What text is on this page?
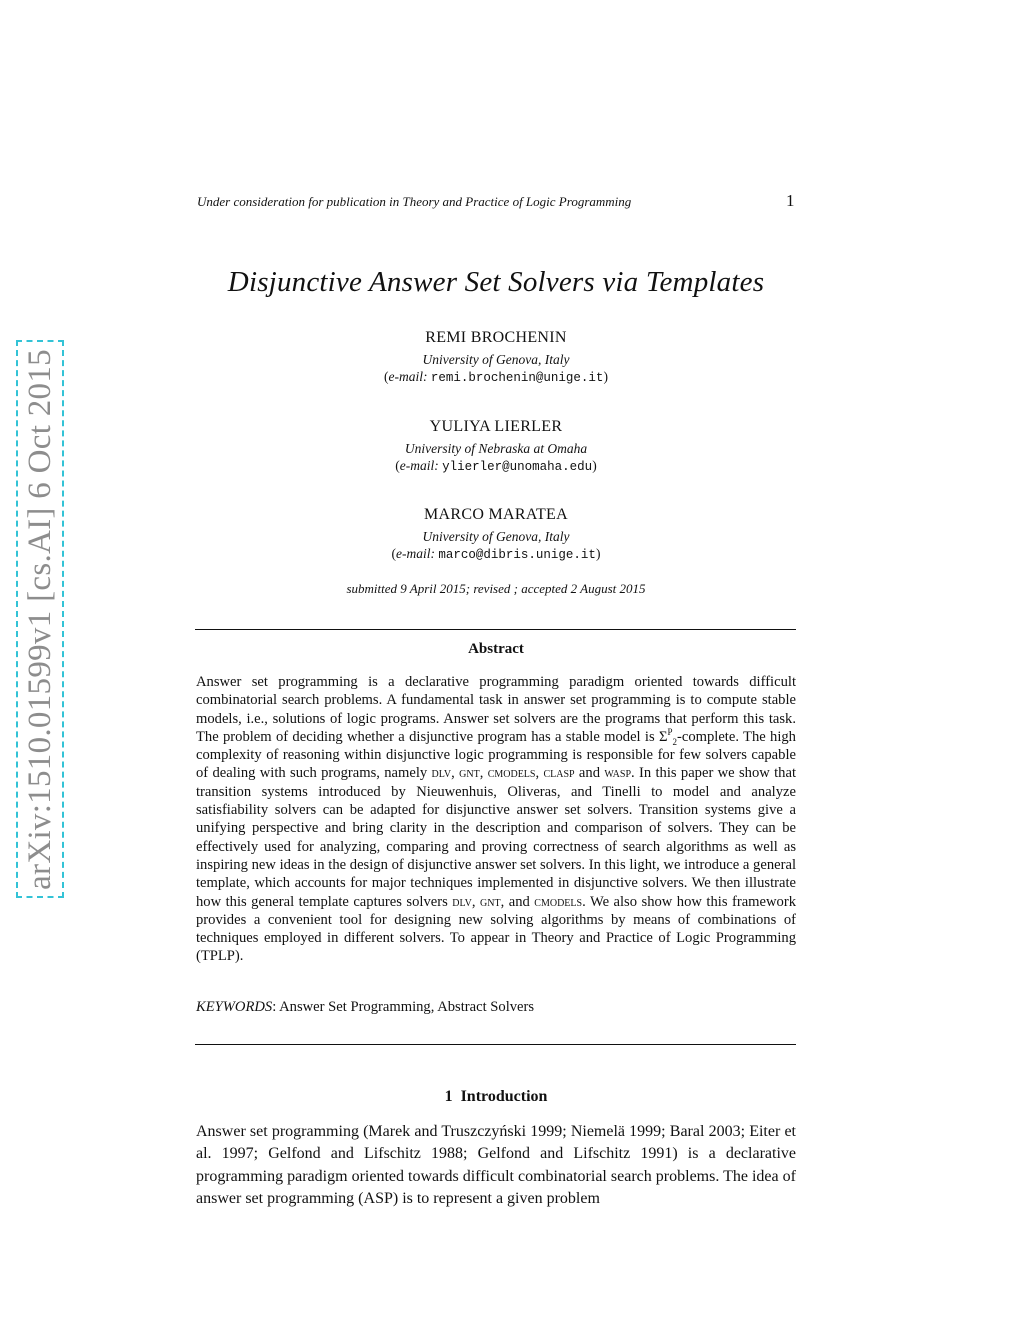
arXiv:1510.01599v1 [cs.AI] 6 Oct 2015
Under consideration for publication in Theory and Practice of Logic Programming	1
Disjunctive Answer Set Solvers via Templates
REMI BROCHENIN
University of Genova, Italy
(e-mail: remi.brochenin@unige.it)
YULIYA LIERLER
University of Nebraska at Omaha
(e-mail: ylierler@unomaha.edu)
MARCO MARATEA
University of Genova, Italy
(e-mail: marco@dibris.unige.it)
submitted 9 April 2015; revised ; accepted 2 August 2015
Abstract
Answer set programming is a declarative programming paradigm oriented towards difficult combinatorial search problems. A fundamental task in answer set programming is to compute stable models, i.e., solutions of logic programs. Answer set solvers are the programs that perform this task. The problem of deciding whether a disjunctive program has a stable model is $\Sigma^P_2$-complete. The high complexity of reasoning within disjunctive logic programming is responsible for few solvers capable of dealing with such programs, namely dlv, gnt, cmodels, clasp and wasp. In this paper we show that transition systems introduced by Nieuwenhuis, Oliveras, and Tinelli to model and analyze satisfiability solvers can be adapted for disjunctive answer set solvers. Transition systems give a unifying perspective and bring clarity in the description and comparison of solvers. They can be effectively used for analyzing, comparing and proving correctness of search algorithms as well as inspiring new ideas in the design of disjunctive answer set solvers. In this light, we introduce a general template, which accounts for major techniques implemented in disjunctive solvers. We then illustrate how this general template captures solvers dlv, gnt, and cmodels. We also show how this framework provides a convenient tool for designing new solving algorithms by means of combinations of techniques employed in different solvers. To appear in Theory and Practice of Logic Programming (TPLP).
KEYWORDS: Answer Set Programming, Abstract Solvers
1 Introduction
Answer set programming (Marek and Truszczyński 1999; Niemelä 1999; Baral 2003; Eiter et al. 1997; Gelfond and Lifschitz 1988; Gelfond and Lifschitz 1991) is a declarative programming paradigm oriented towards difficult combinatorial search problems. The idea of answer set programming (ASP) is to represent a given problem
